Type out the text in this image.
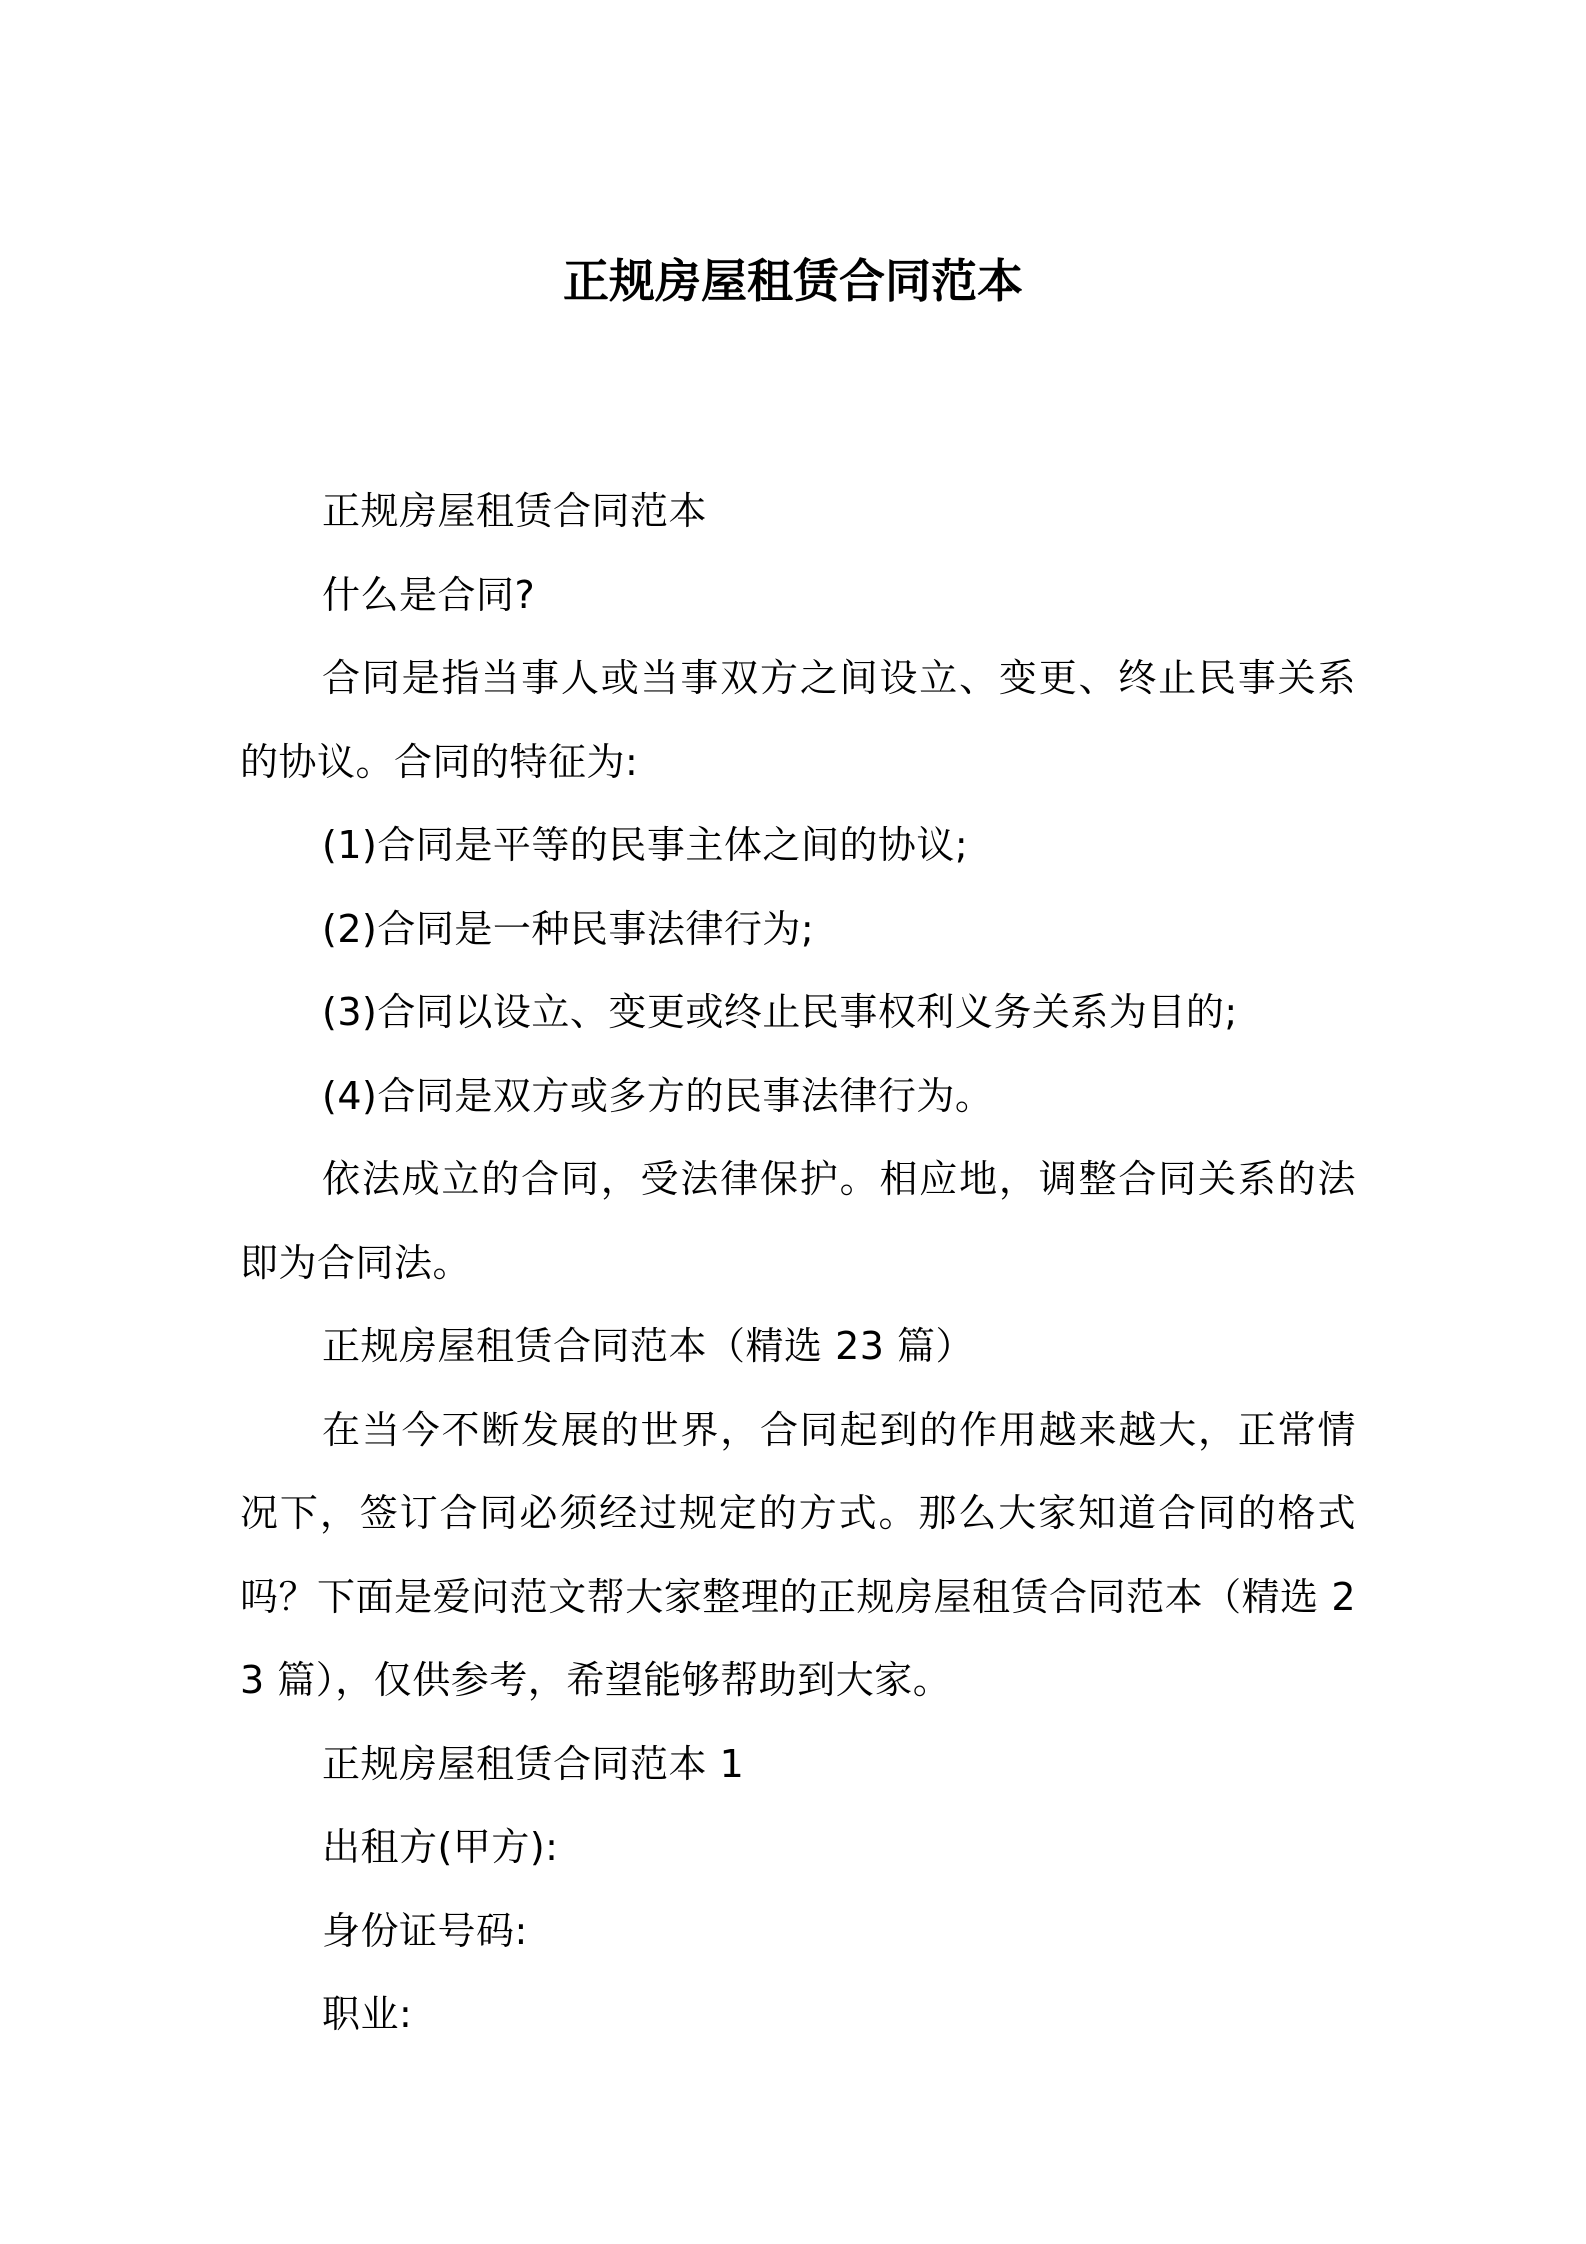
正规房屋租赁合同范本

正规房屋租赁合同范本

什么是合同?

合同是指当事人或当事双方之间设立、变更、终止民事关系的协议。合同的特征为:

(1)合同是平等的民事主体之间的协议;

(2)合同是一种民事法律行为;

(3)合同以设立、变更或终止民事权利义务关系为目的;

(4)合同是双方或多方的民事法律行为。

依法成立的合同，受法律保护。相应地，调整合同关系的法即为合同法。

正规房屋租赁合同范本（精选 23 篇）

在当今不断发展的世界，合同起到的作用越来越大，正常情况下，签订合同必须经过规定的方式。那么大家知道合同的格式吗？下面是爱问范文帮大家整理的正规房屋租赁合同范本（精选 23 篇），仅供参考，希望能够帮助到大家。

正规房屋租赁合同范本 1

出租方(甲方):

身份证号码:

职业:
